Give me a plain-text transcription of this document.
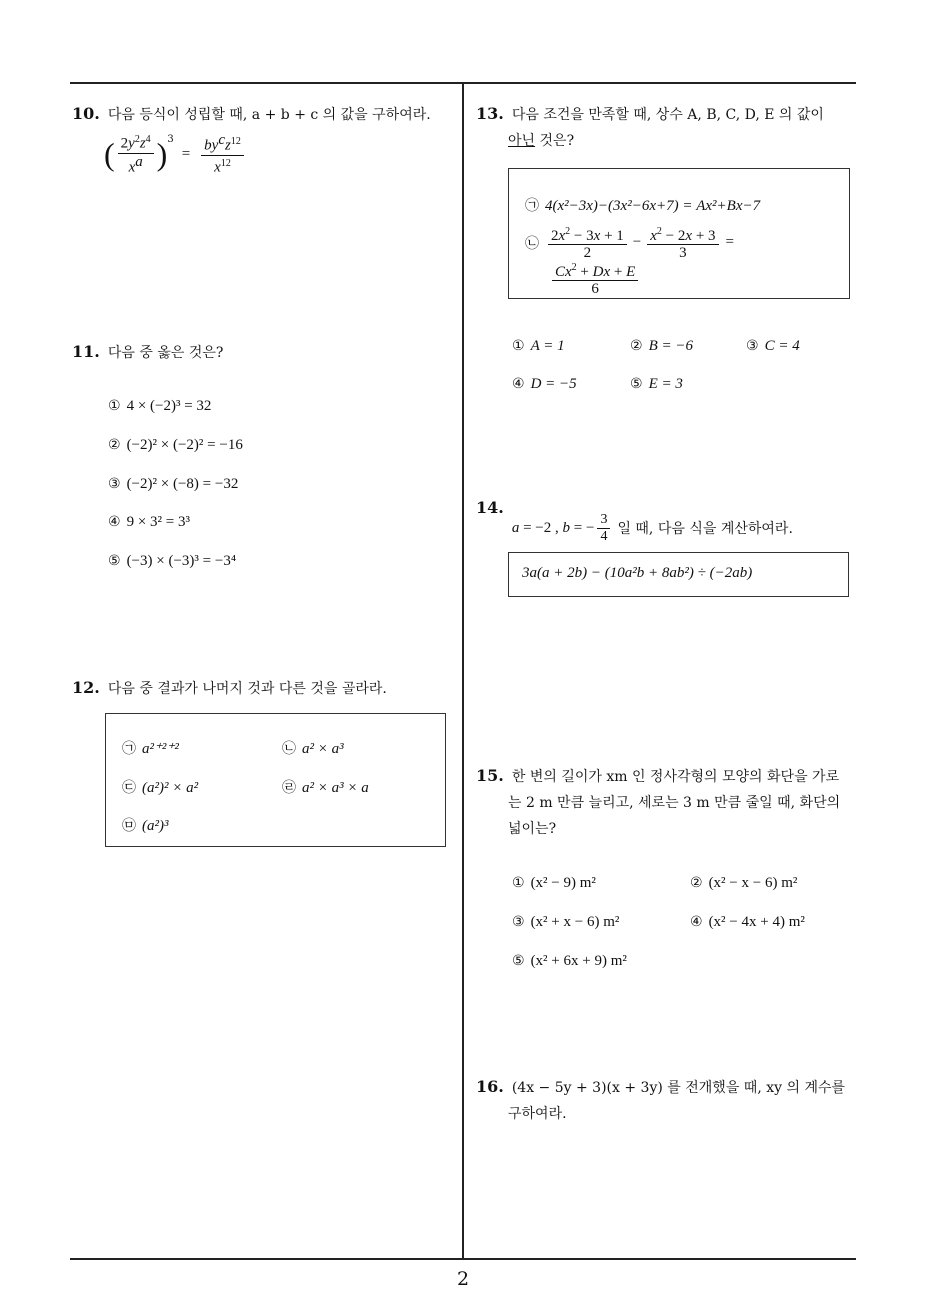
10. 다음 등식이 성립할 때, a + b + c 의 값을 구하여라.
( $\frac{2y^2z^4}{x^a} )^3$
= $\frac{by^cz^{12}}{x^{12}}$
11. 다음 중 옳은 것은?
① 4 × (−2)³ = 32
② (−2)² × (−2)² = −16
③ (−2)² × (−8) = −32
④ 9 × 3² = 3³
⑤ (−3) × (−3)³ = −3⁴
12. 다음 중 결과가 나머지 것과 다른 것을 골라라.
㉠ a²⁺²⁺²	㉡ a² × a³
㉢ (a²)² × a²	㉣ a² × a³ × a
㉤ (a²)³
13. 다음 조건을 만족할 때, 상수 A, B, C, D, E 의 값이
아닌 것은?
㉠ 4(x²−3x)−(3x²−6x+7) = Ax²+Bx−7
㉡ $\frac{2x^2 - 3x + 1}{2} - \frac{x^2 - 2x + 3}{3}$ =
$\frac{Cx^2 + Dx + E}{6}$
① A = 1	② B = −6	③ C = 4
④ D = −5	⑤ E = 3
14.
a = −2 , b = − $\frac{3}{4}$ 일 때, 다음 식을 계산하여라.
3a(a + 2b) − (10a²b + 8ab²) ÷ (−2ab)
15. 한 변의 길이가 xm 인 정사각형의 모양의 화단을 가로
는 2 m 만큼 늘리고, 세로는 3 m 만큼 줄일 때, 화단의
넓이는?
① (x² − 9) m²	② (x² − x − 6) m²
③ (x² + x − 6) m²	④ (x² − 4x + 4) m²
⑤ (x² + 6x + 9) m²
16. (4x − 5y + 3)(x + 3y) 를 전개했을 때, xy 의 계수를
구하여라.
2
